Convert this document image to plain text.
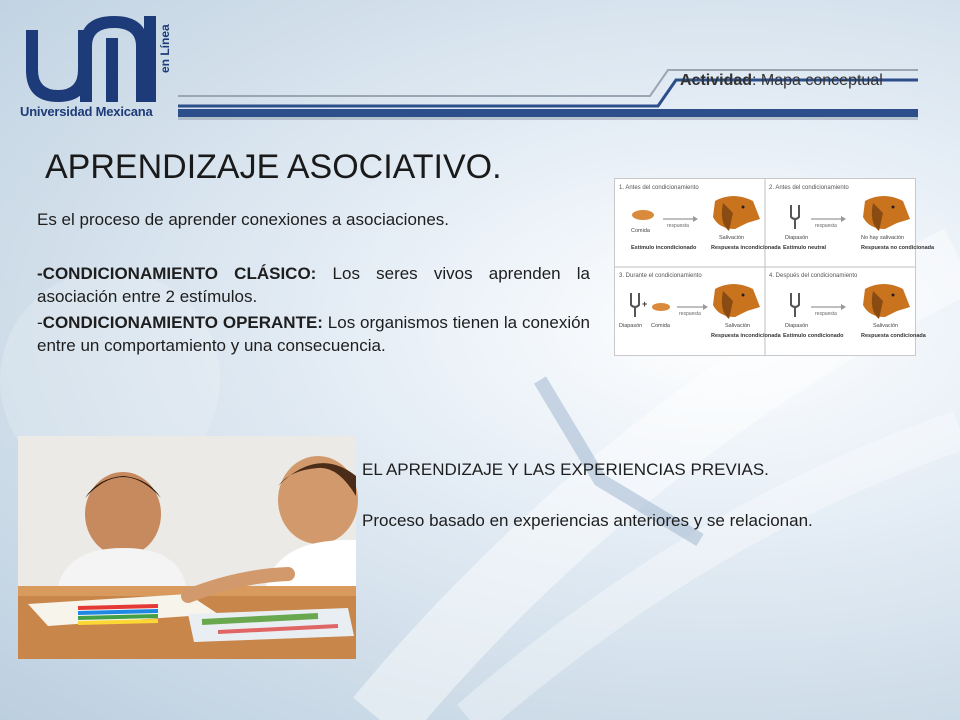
en Línea
Universidad Mexicana
Actividad: Mapa conceptual
APRENDIZAJE ASOCIATIVO.

Es el proceso de aprender conexiones a asociaciones.

-CONDICIONAMIENTO CLÁSICO: Los seres vivos aprenden la asociación entre 2 estímulos.

-CONDICIONAMIENTO OPERANTE: Los organismos tienen la conexión entre un comportamiento y una consecuencia.

1. Antes del condicionamiento
Comida
respuesta
Salivación
Estímulo incondicionado	Respuesta incondicionada
2. Antes del condicionamiento
Diapasón
respuesta
No hay salivación
Estímulo neutral	Respuesta no condicionada
3. Durante el condicionamiento
+
Diapasón Comida
respuesta
Salivación
Respuesta incondicionada
4. Después del condicionamiento
Diapasón
respuesta
Salivación
Estímulo condicionado	Respuesta condicionada

EL APRENDIZAJE Y LAS EXPERIENCIAS PREVIAS.

Proceso basado en experiencias anteriores y se relacionan.
